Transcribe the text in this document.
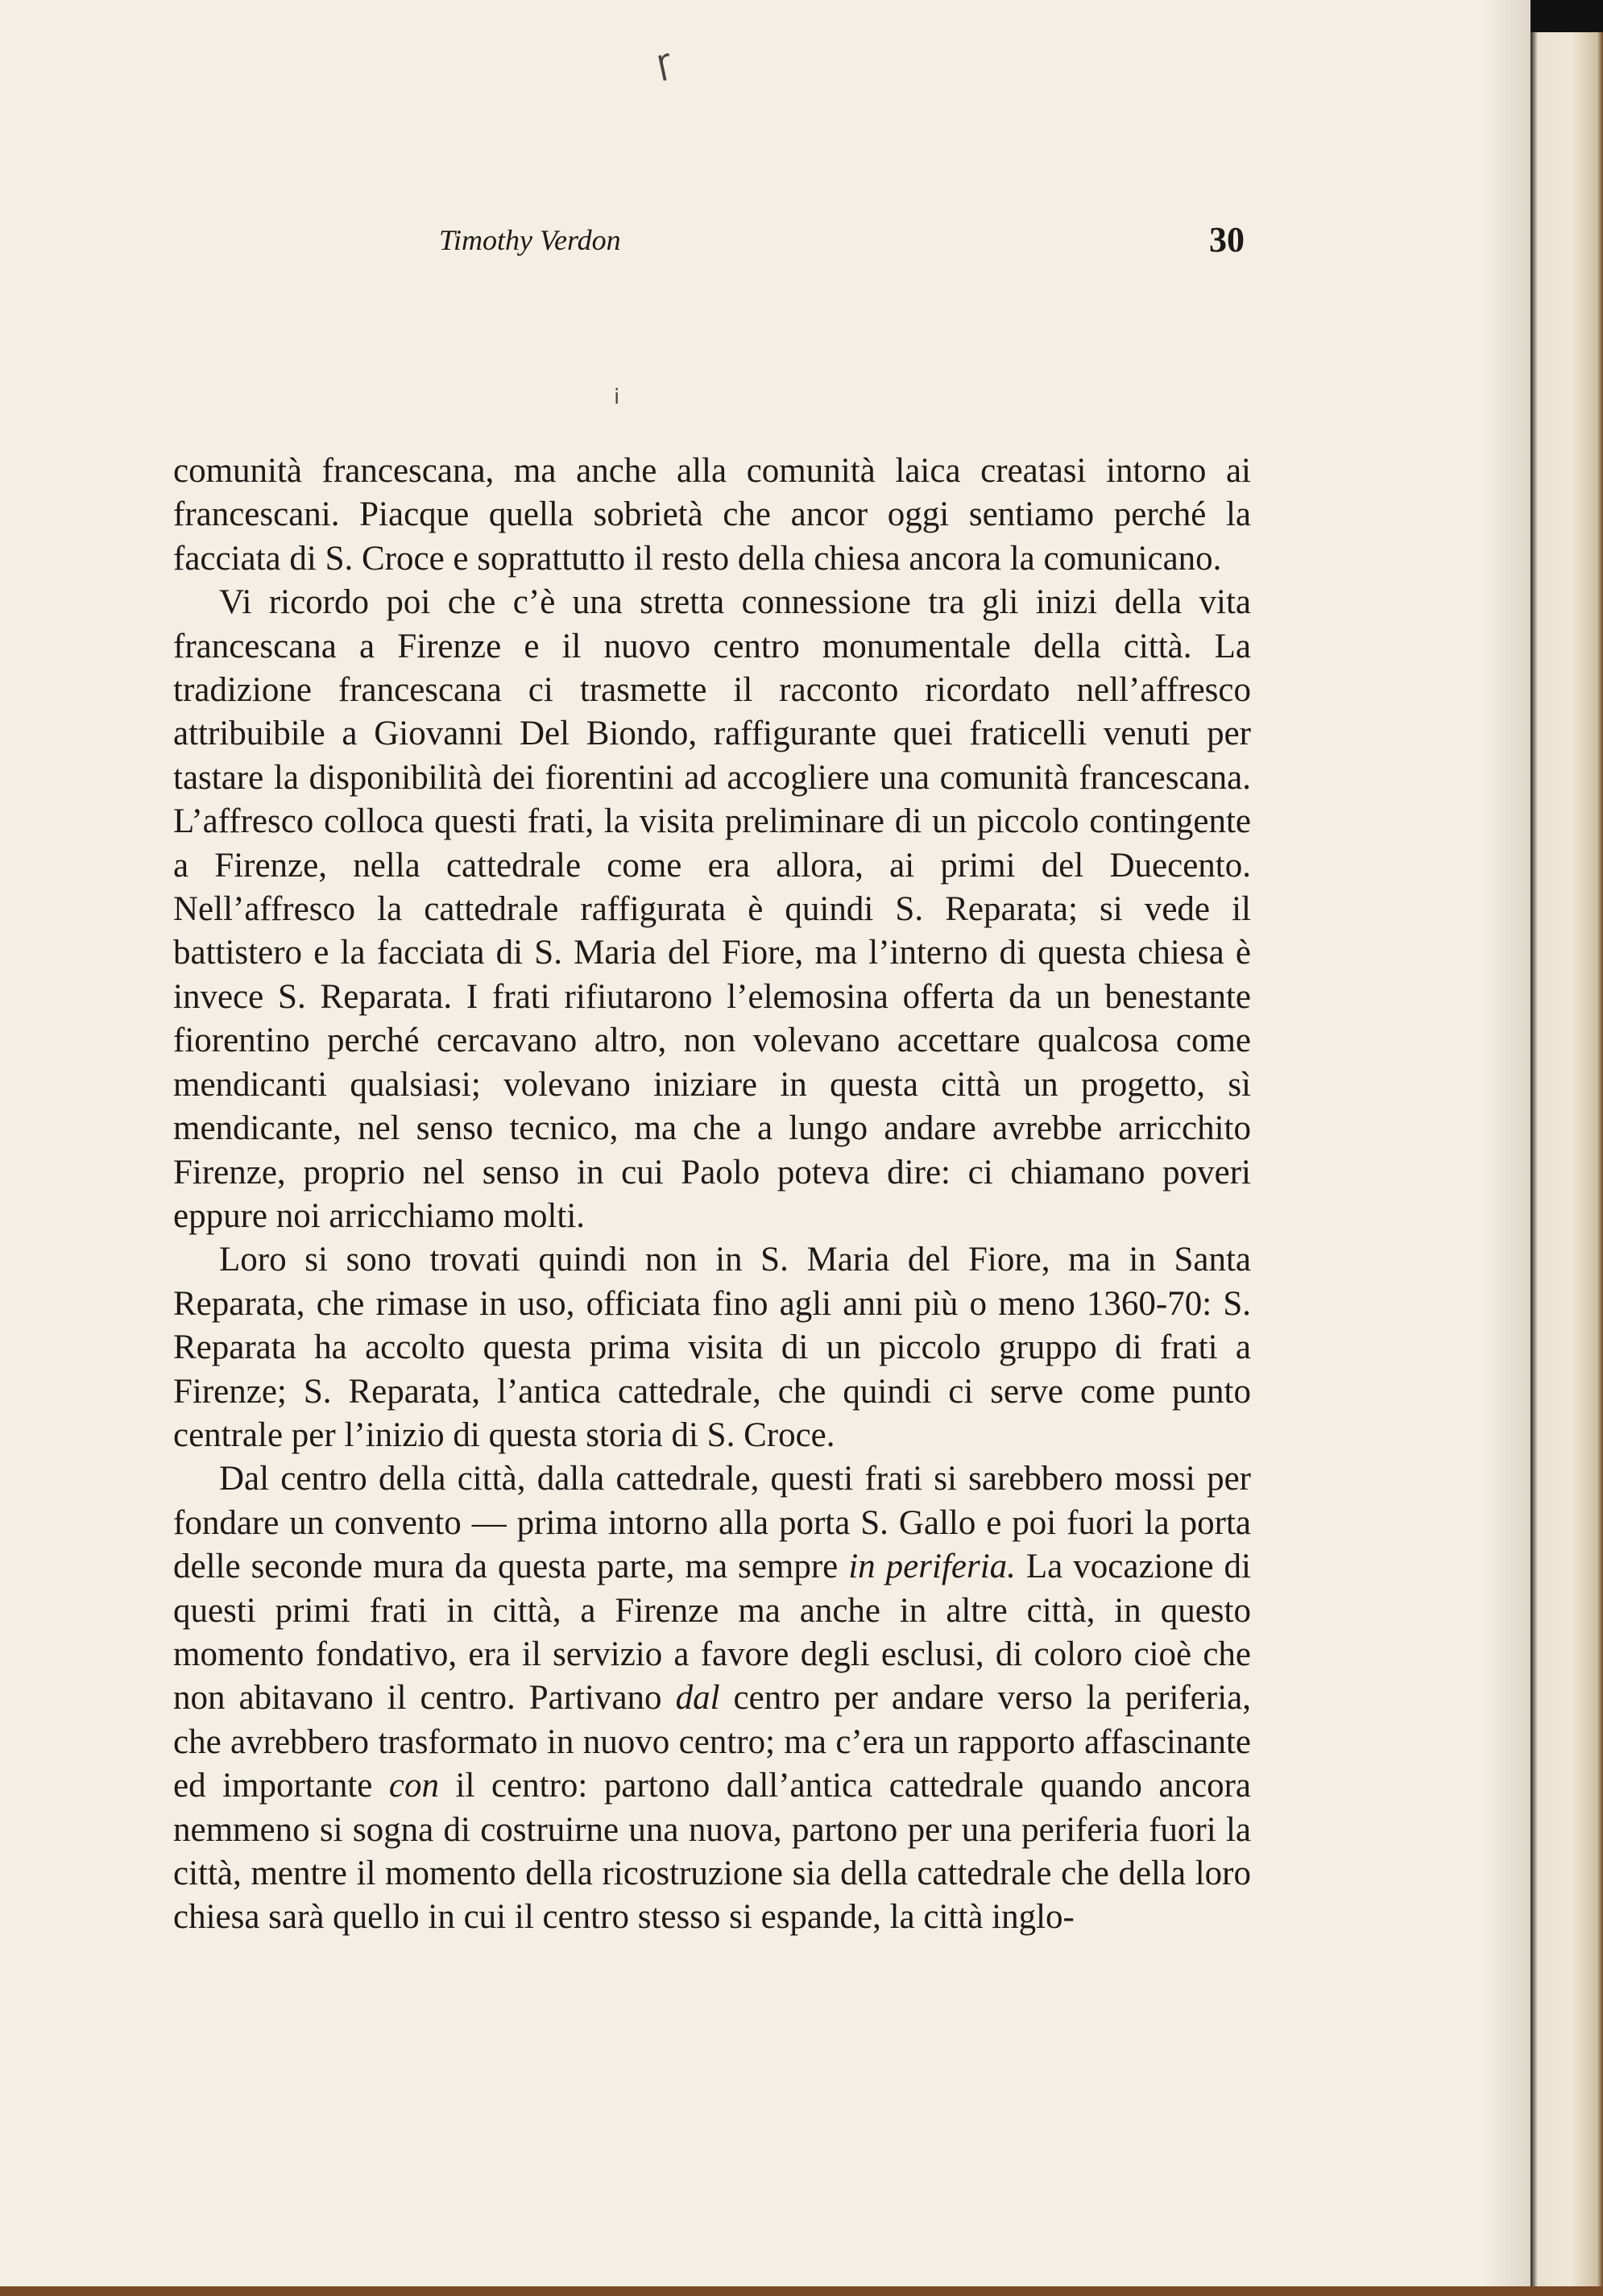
ɼ
i
Timothy Verdon	30

comunità francescana, ma anche alla comunità laica creatasi intorno ai francescani. Piacque quella sobrietà che ancor oggi sentiamo perché la facciata di S. Croce e soprattutto il resto della chiesa ancora la comunicano.

Vi ricordo poi che c’è una stretta connessione tra gli inizi della vita francescana a Firenze e il nuovo centro monumentale della città. La tradizione francescana ci trasmette il racconto ricordato nell’affresco attribuibile a Giovanni Del Biondo, raffigurante quei fraticelli venuti per tastare la disponibilità dei fiorentini ad accogliere una comunità francescana. L’affresco colloca questi frati, la visita preliminare di un piccolo contingente a Firenze, nella cattedrale come era allora, ai primi del Duecento. Nell’affresco la cattedrale raffigurata è quindi S. Reparata; si vede il battistero e la facciata di S. Maria del Fiore, ma l’interno di questa chiesa è invece S. Reparata. I frati rifiutarono l’elemosina offerta da un benestante fiorentino perché cercavano altro, non volevano accettare qualcosa come mendicanti qualsiasi; volevano iniziare in questa città un progetto, sì mendicante, nel senso tecnico, ma che a lungo andare avrebbe arricchito Firenze, proprio nel senso in cui Paolo poteva dire: ci chiamano poveri eppure noi arricchiamo molti.

Loro si sono trovati quindi non in S. Maria del Fiore, ma in Santa Reparata, che rimase in uso, officiata fino agli anni più o meno 1360-70: S. Reparata ha accolto questa prima visita di un piccolo gruppo di frati a Firenze; S. Reparata, l’antica cattedrale, che quindi ci serve come punto centrale per l’inizio di questa storia di S. Croce.

Dal centro della città, dalla cattedrale, questi frati si sarebbero mossi per fondare un convento — prima intorno alla porta S. Gallo e poi fuori la porta delle seconde mura da questa parte, ma sempre in periferia. La vocazione di questi primi frati in città, a Firenze ma anche in altre città, in questo momento fondativo, era il servizio a favore degli esclusi, di coloro cioè che non abitavano il centro. Partivano dal centro per andare verso la periferia, che avrebbero trasformato in nuovo centro; ma c’era un rapporto affascinante ed importante con il centro: partono dall’antica cattedrale quando ancora nemmeno si sogna di costruirne una nuova, partono per una periferia fuori la città, mentre il momento della ricostruzione sia della cattedrale che della loro chiesa sarà quello in cui il centro stesso si espande, la città inglo-
